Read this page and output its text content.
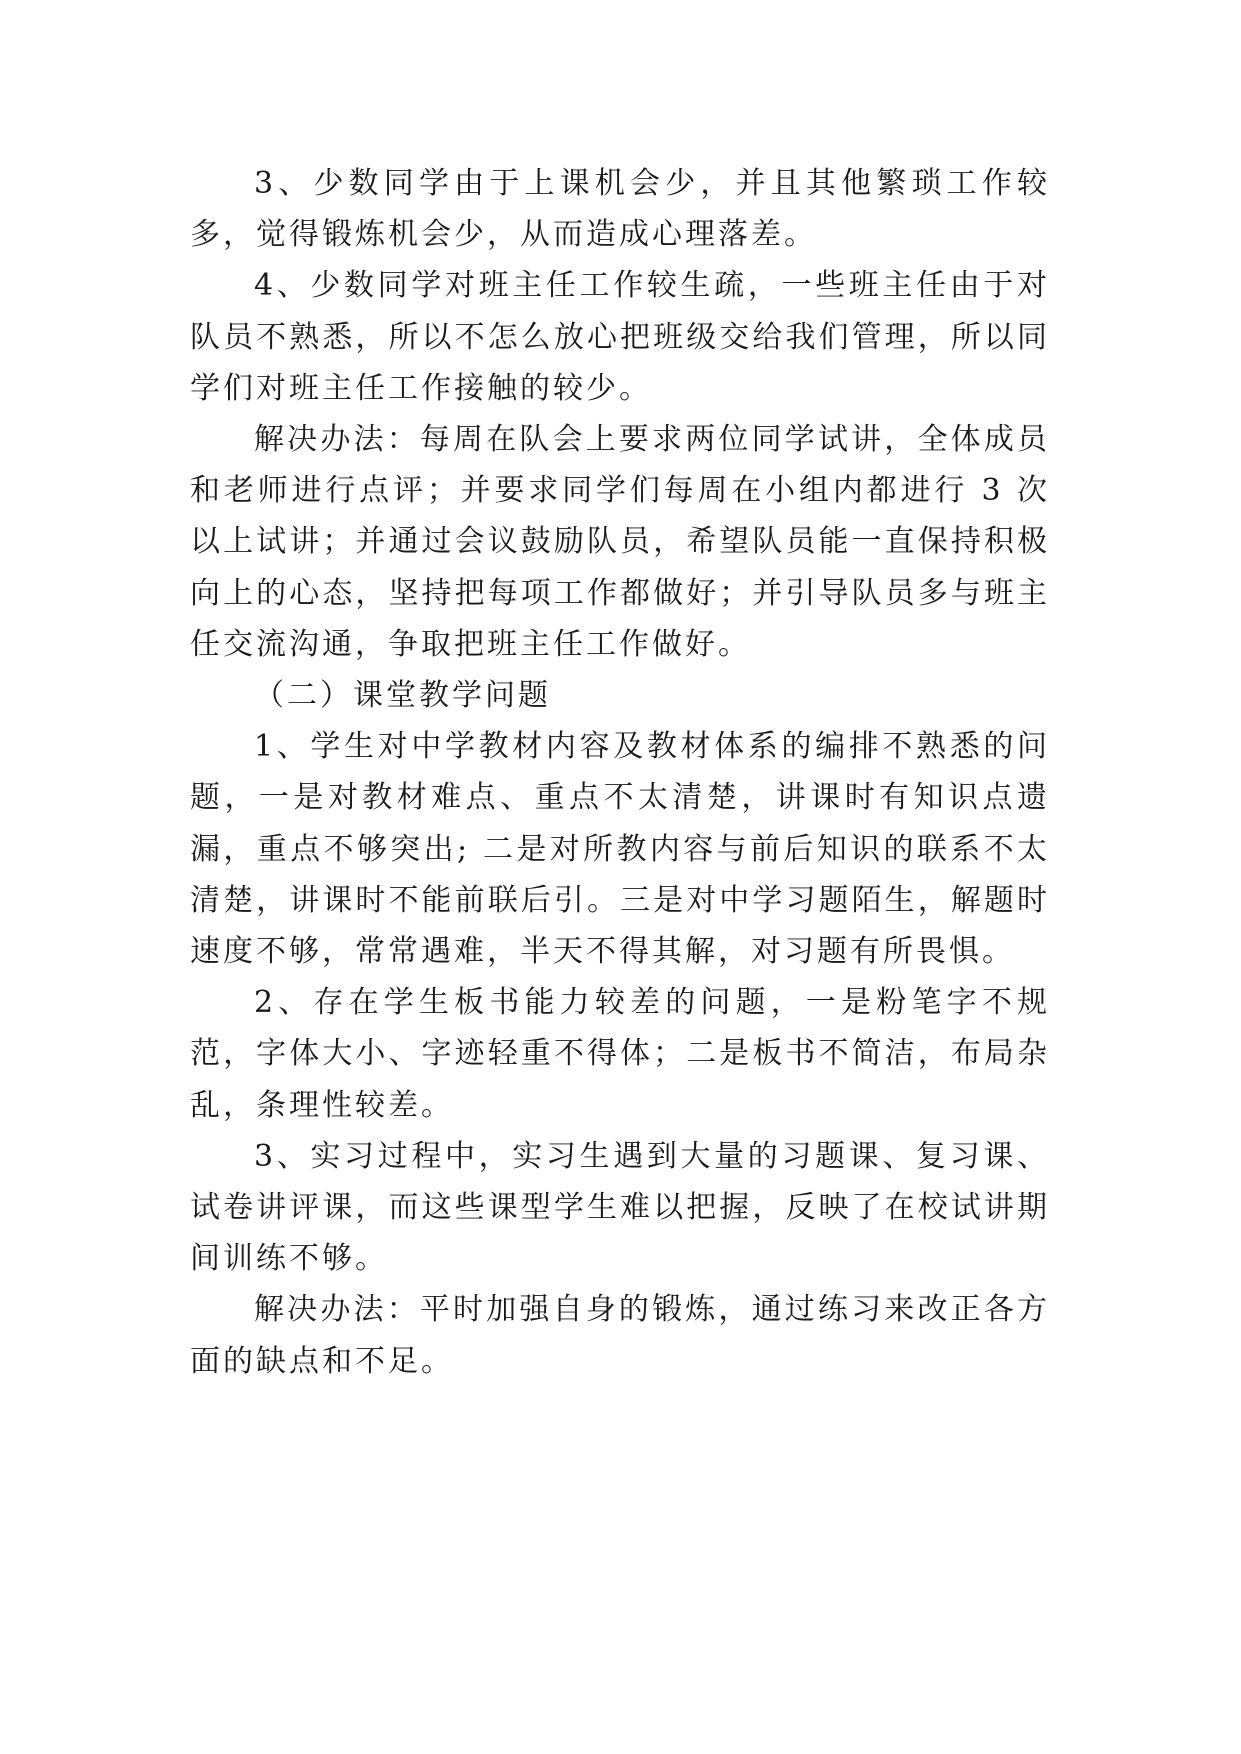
3、少数同学由于上课机会少，并且其他繁琐工作较多，觉得锻炼机会少，从而造成心理落差。

4、少数同学对班主任工作较生疏，一些班主任由于对队员不熟悉，所以不怎么放心把班级交给我们管理，所以同学们对班主任工作接触的较少。

解决办法：每周在队会上要求两位同学试讲，全体成员和老师进行点评；并要求同学们每周在小组内都进行 3 次以上试讲；并通过会议鼓励队员，希望队员能一直保持积极向上的心态，坚持把每项工作都做好；并引导队员多与班主任交流沟通，争取把班主任工作做好。

（二）课堂教学问题

1、学生对中学教材内容及教材体系的编排不熟悉的问题，一是对教材难点、重点不太清楚，讲课时有知识点遗漏，重点不够突出; 二是对所教内容与前后知识的联系不太清楚，讲课时不能前联后引。三是对中学习题陌生，解题时速度不够，常常遇难，半天不得其解，对习题有所畏惧。

2、存在学生板书能力较差的问题，一是粉笔字不规范，字体大小、字迹轻重不得体；二是板书不简洁，布局杂乱，条理性较差。

3、实习过程中，实习生遇到大量的习题课、复习课、试卷讲评课，而这些课型学生难以把握，反映了在校试讲期间训练不够。

解决办法：平时加强自身的锻炼，通过练习来改正各方面的缺点和不足。
